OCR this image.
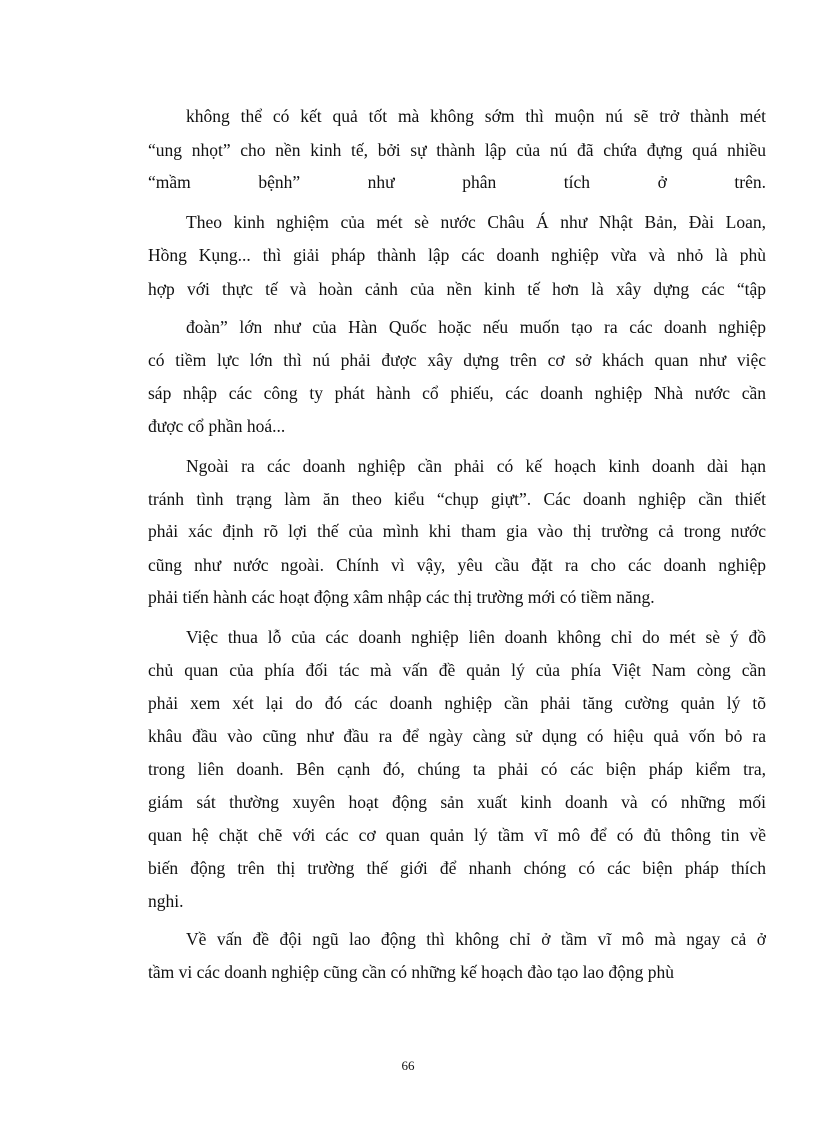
không thể có kết quả tốt mà không sớm thì muộn nú sẽ trở thành mét
“ung nhọt” cho nền kinh tế, bởi sự thành lập của nú đã chứa đựng quá nhiều
“mầm bệnh” như phân tích ở trên.
Theo kinh nghiệm của mét sè nước Châu Á như Nhật Bản, Đài Loan,
Hồng Kụng... thì giải pháp thành lập các doanh nghiệp vừa và nhỏ là phù
hợp với thực tế và hoàn cảnh của nền kinh tế hơn là xây dựng các “tập
đoàn” lớn như của Hàn Quốc hoặc nếu muốn tạo ra các doanh nghiệp
có tiềm lực lớn thì nú phải được xây dựng trên cơ sở khách quan như việc
sáp nhập các công ty phát hành cổ phiếu, các doanh nghiệp Nhà nước cần
được cổ phần hoá...
Ngoài ra các doanh nghiệp cần phải có kế hoạch kinh doanh dài hạn
tránh tình trạng làm ăn theo kiểu “chụp giựt”. Các doanh nghiệp cần thiết
phải xác định rõ lợi thế của mình khi tham gia vào thị trường cả trong nước
cũng như nước ngoài. Chính vì vậy, yêu cầu đặt ra cho các doanh nghiệp
phải tiến hành các hoạt động xâm nhập các thị trường mới có tiềm năng.
Việc thua lỗ của các doanh nghiệp liên doanh không chỉ do mét sè ý đồ
chủ quan của phía đối tác mà vấn đề quản lý của phía Việt Nam còng cần
phải xem xét lại do đó các doanh nghiệp cần phải tăng cường quản lý tõ
khâu đầu vào cũng như đầu ra để ngày càng sử dụng có hiệu quả vốn bỏ ra
trong liên doanh. Bên cạnh đó, chúng ta phải có các biện pháp kiểm tra,
giám sát thường xuyên hoạt động sản xuất kinh doanh và có những mối
quan hệ chặt chẽ với các cơ quan quản lý tầm vĩ mô để có đủ thông tin về
biến động trên thị trường thế giới để nhanh chóng có các biện pháp thích
nghi.
Về vấn đề đội ngũ lao động thì không chỉ ở tầm vĩ mô mà ngay cả ở
tầm vi các doanh nghiệp cũng cần có những kế hoạch đào tạo lao động phù
66
